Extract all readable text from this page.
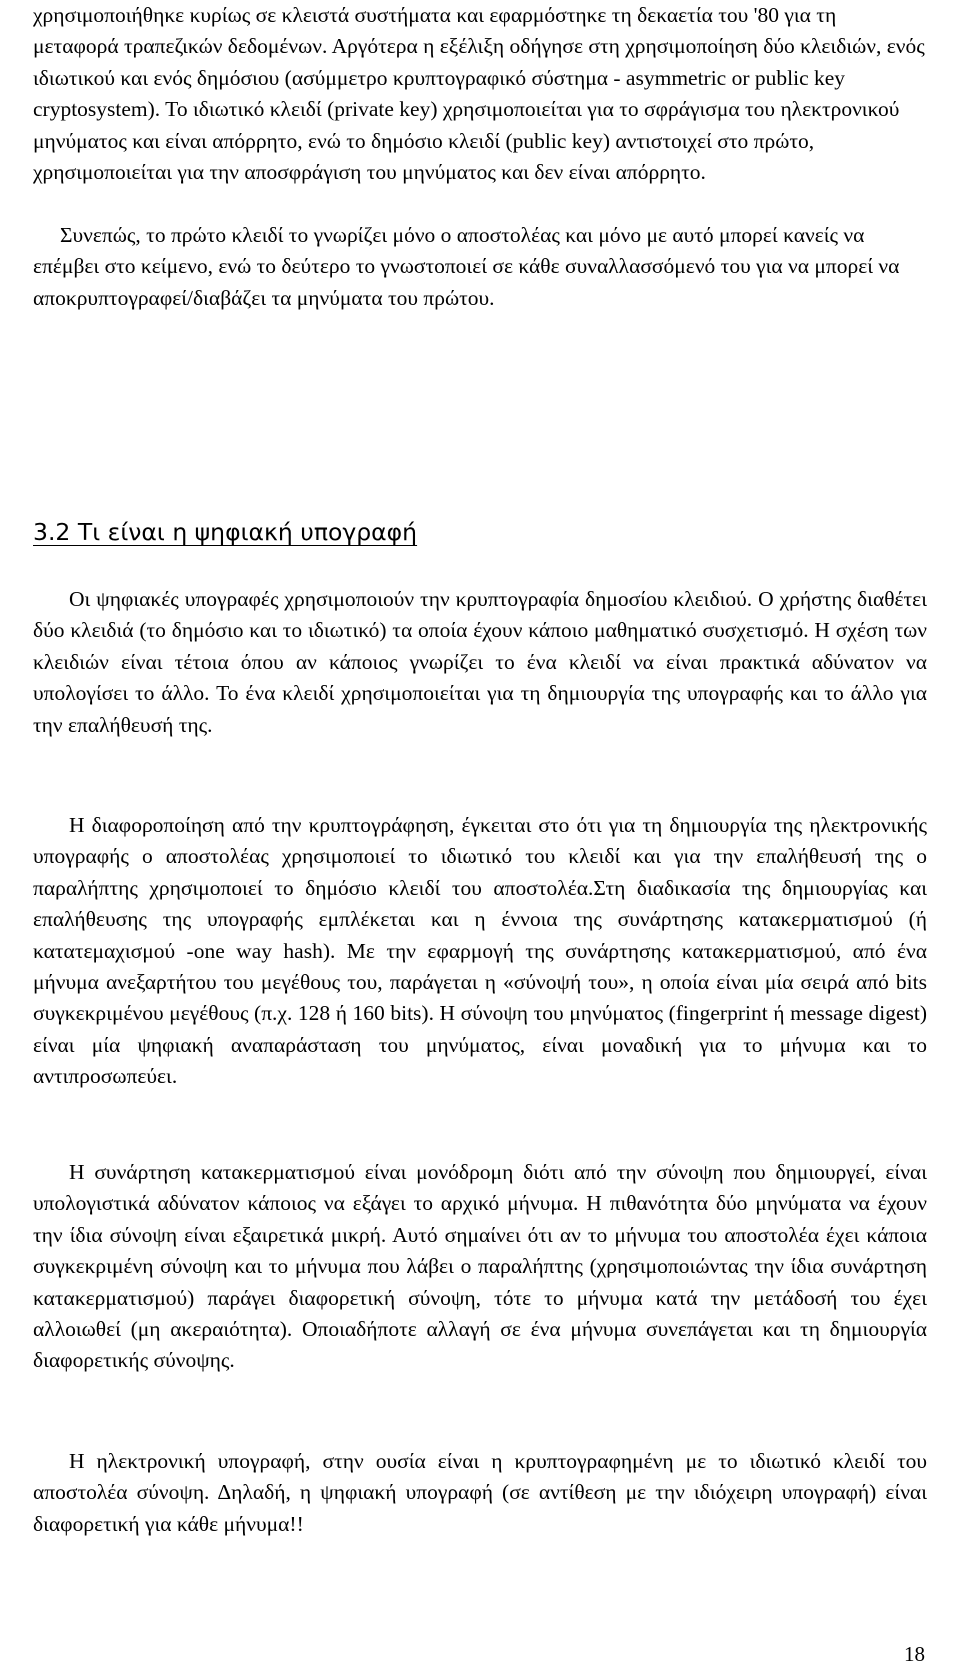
χρησιμοποιήθηκε κυρίως σε κλειστά συστήματα και εφαρμόστηκε τη δεκαετία του '80 για τη μεταφορά τραπεζικών δεδομένων. Αργότερα η εξέλιξη οδήγησε στη χρησιμοποίηση δύο κλειδιών, ενός ιδιωτικού και ενός δημόσιου (ασύμμετρο κρυπτογραφικό σύστημα - asymmetric or public key cryptosystem). Το ιδιωτικό κλειδί (private key) χρησιμοποιείται για το σφράγισμα του ηλεκτρονικού μηνύματος και είναι απόρρητο, ενώ το δημόσιο κλειδί (public key) αντιστοιχεί στο πρώτο, χρησιμοποιείται για την αποσφράγιση του μηνύματος και δεν είναι απόρρητο.

Συνεπώς, το πρώτο κλειδί το γνωρίζει μόνο ο αποστολέας και μόνο με αυτό μπορεί κανείς να επέμβει στο κείμενο, ενώ το δεύτερο το γνωστοποιεί σε κάθε συναλλασσόμενό του για να μπορεί να αποκρυπτογραφεί/διαβάζει τα μηνύματα του πρώτου.

3.2 Τι είναι η ψηφιακή υπογραφή

Οι ψηφιακές υπογραφές χρησιμοποιούν την κρυπτογραφία δημοσίου κλειδιού. Ο χρήστης διαθέτει δύο κλειδιά (το δημόσιο και το ιδιωτικό) τα οποία έχουν κάποιο μαθηματικό συσχετισμό. Η σχέση των κλειδιών είναι τέτοια όπου αν κάποιος γνωρίζει το ένα κλειδί να είναι πρακτικά αδύνατον να υπολογίσει το άλλο. Το ένα κλειδί χρησιμοποιείται για τη δημιουργία της υπογραφής και το άλλο για την επαλήθευσή της.

Η διαφοροποίηση από την κρυπτογράφηση, έγκειται στο ότι για τη δημιουργία της ηλεκτρονικής υπογραφής ο αποστολέας χρησιμοποιεί το ιδιωτικό του κλειδί και για την επαλήθευσή της ο παραλήπτης χρησιμοποιεί το δημόσιο κλειδί του αποστολέα.Στη διαδικασία της δημιουργίας και επαλήθευσης της υπογραφής εμπλέκεται και η έννοια της συνάρτησης κατακερματισμού (ή κατατεμαχισμού -one way hash). Με την εφαρμογή της συνάρτησης κατακερματισμού, από ένα μήνυμα ανεξαρτήτου του μεγέθους του, παράγεται η «σύνοψή του», η οποία είναι μία σειρά από bits συγκεκριμένου μεγέθους (π.χ. 128 ή 160 bits). Η σύνοψη του μηνύματος (fingerprint ή message digest) είναι μία ψηφιακή αναπαράσταση του μηνύματος, είναι μοναδική για το μήνυμα και το αντιπροσωπεύει.

Η συνάρτηση κατακερματισμού είναι μονόδρομη διότι από την σύνοψη που δημιουργεί, είναι υπολογιστικά αδύνατον κάποιος να εξάγει το αρχικό μήνυμα. Η πιθανότητα δύο μηνύματα να έχουν την ίδια σύνοψη είναι εξαιρετικά μικρή. Αυτό σημαίνει ότι αν το μήνυμα του αποστολέα έχει κάποια συγκεκριμένη σύνοψη και το μήνυμα που λάβει ο παραλήπτης (χρησιμοποιώντας την ίδια συνάρτηση κατακερματισμού) παράγει διαφορετική σύνοψη, τότε το μήνυμα κατά την μετάδοσή του έχει αλλοιωθεί (μη ακεραιότητα). Οποιαδήποτε αλλαγή σε ένα μήνυμα συνεπάγεται και τη δημιουργία διαφορετικής σύνοψης.

Η ηλεκτρονική υπογραφή, στην ουσία είναι η κρυπτογραφημένη με το ιδιωτικό κλειδί του αποστολέα σύνοψη. Δηλαδή, η ψηφιακή υπογραφή (σε αντίθεση με την ιδιόχειρη υπογραφή) είναι διαφορετική για κάθε μήνυμα!!

18
